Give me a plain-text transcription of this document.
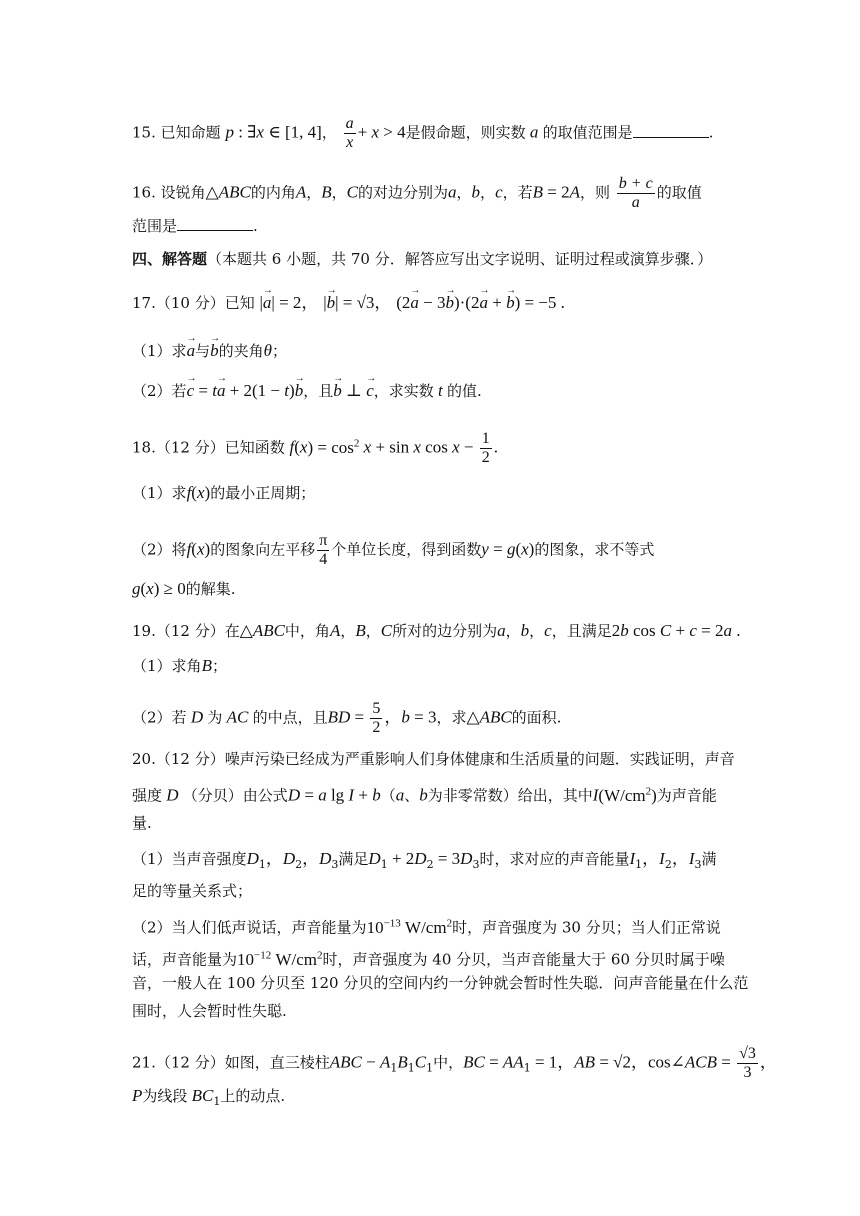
15. 已知命题 p : ∃x ∈ [1, 4]， $\frac{a}{x} + x > 4$是假命题，则实数 a 的取值范围是	.
16. 设锐角△ABC的内角A，B，C的对边分别为a，b，c，若B = 2A，则 $\frac{b + c}{a}$ 的取值
范围是	.
四、解答题（本题共 6 小题，共 70 分．解答应写出文字说明、证明过程或演算步骤．）
17.（10 分）已知 |→ a| = 2， |→ b| = √3， (2→ a − 3→ b)·(2→ a + → b) = −5 .
（1）求→ a与→ b的夹角θ；
（2）若→ c = t→ a + 2(1 − t)→ b，且→ b ⊥ → c，求实数 t 的值.
18.（12 分）已知函数 $f(x) = \cos^2 x + \sin x$ $\cos x - \frac{1}{2}$ .
（1）求f(x)的最小正周期；
（2）将f(x)的图象向左平移 $\frac{\pi}{4}$ 个单位长度，得到函数y = g(x)的图象，求不等式
g(x) ≥ 0的解集.
19.（12 分）在△ABC中，角A，B，C所对的边分别为a，b，c，且满足2b cos C + c = 2a .
（1）求角B；
（2）若 D 为 AC 的中点，且BD = $\frac{5}{2}$ ，b = 3，求△ABC的面积.
20.（12 分）噪声污染已经成为严重影响人们身体健康和生活质量的问题．实践证明，声音
强度 D （分贝）由公式D = a lg I + b（a、b为非零常数）给出，其中$I(W/cm^2)$为声音能
量.
（1）当声音强度$D_1$，$D_2$，$D_3$满足$D_1 + 2D_2 = 3D_3$时，求对应的声音能量$I_1$，$I_2$，$I_3$满
足的等量关系式；
（2）当人们低声说话，声音能量为$10^{-13}$ $W/cm^2$时，声音强度为 30 分贝；当人们正常说
话，声音能量为$10^{-12}$ $W/cm^2$时，声音强度为 40 分贝，当声音能量大于 60 分贝时属于噪
音，一般人在 100 分贝至 120 分贝的空间内约一分钟就会暂时性失聪．问声音能量在什么范
围时，人会暂时性失聪.
21.（12 分）如图，直三棱柱ABC − $A_1B_1C_1$中，BC = $AA_1 = 1$，AB = √2，cos∠ACB = $\frac{√3}{3}$ ，
P为线段 $BC_1$上的动点.
